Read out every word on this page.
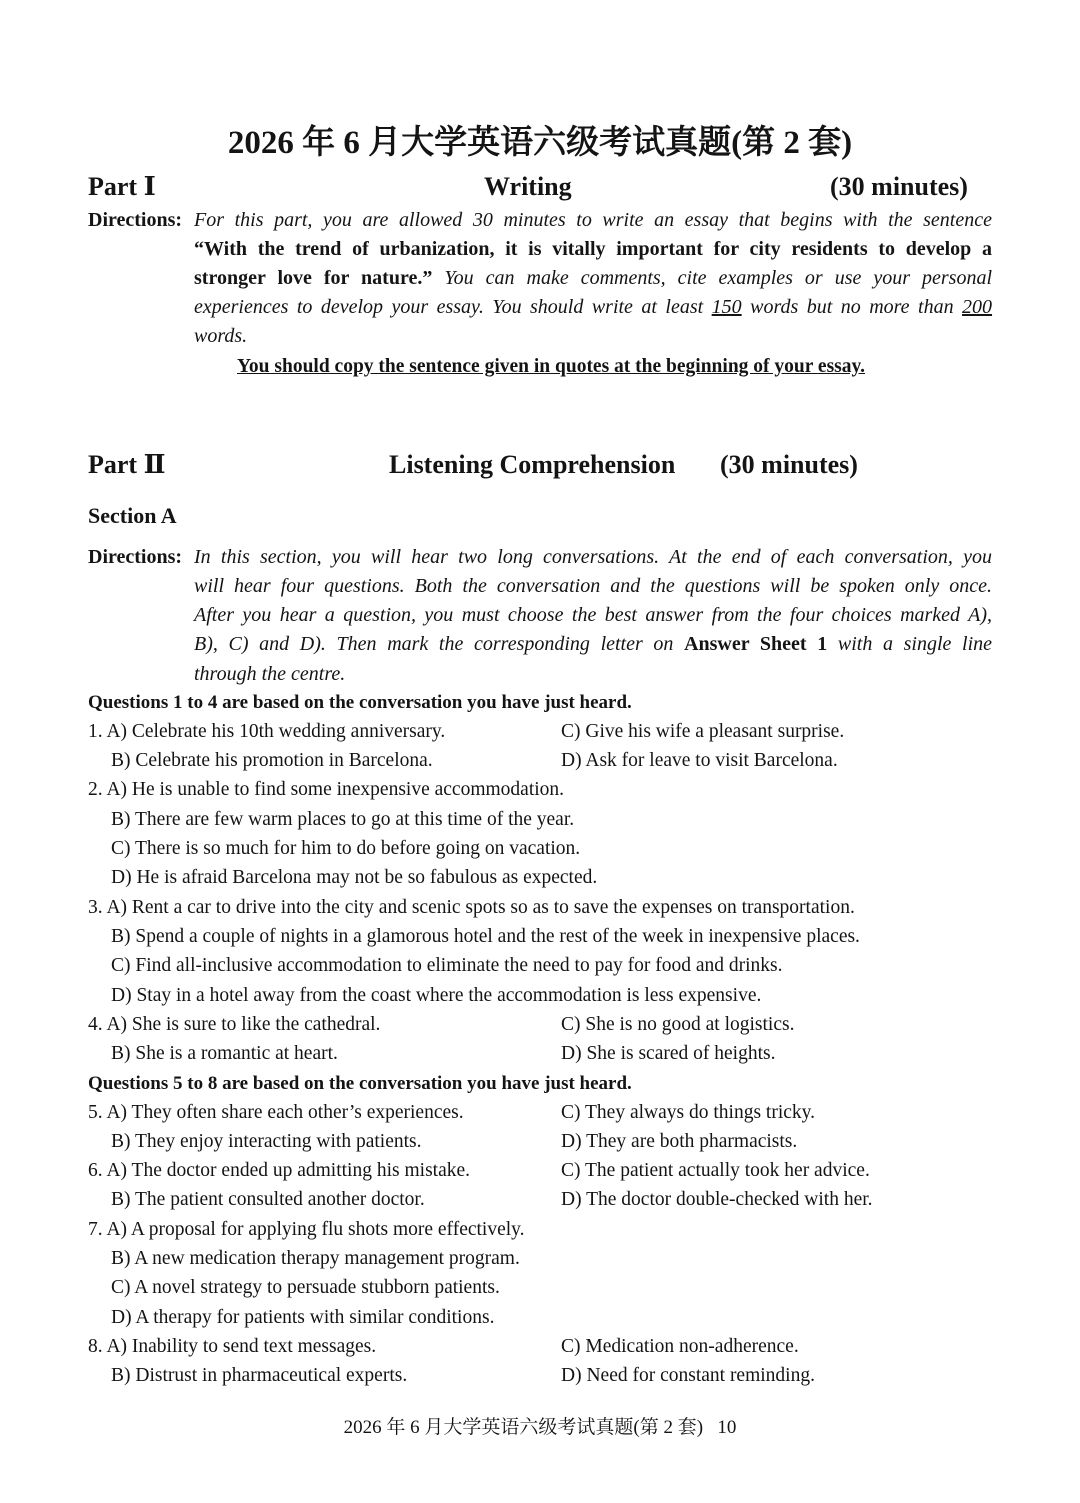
2026 年 6 月大学英语六级考试真题(第 2 套)
Part Ⅰ	Writing	(30 minutes)
Directions: For this part, you are allowed 30 minutes to write an essay that begins with the sentence
“With the trend of urbanization, it is vitally important for city residents to develop a
stronger love for nature.” You can make comments, cite examples or use your personal
experiences to develop your essay. You should write at least 150 words but no more than 200
words.
You should copy the sentence given in quotes at the beginning of your essay.
Part Ⅱ	Listening Comprehension (30 minutes)
Section A
Directions: In this section, you will hear two long conversations. At the end of each conversation, you
will hear four questions. Both the conversation and the questions will be spoken only once.
After you hear a question, you must choose the best answer from the four choices marked A),
B), C) and D). Then mark the corresponding letter on Answer Sheet 1 with a single line
through the centre.
Questions 1 to 4 are based on the conversation you have just heard.
1. A) Celebrate his 10th wedding anniversary.	C) Give his wife a pleasant surprise.
B) Celebrate his promotion in Barcelona.	D) Ask for leave to visit Barcelona.
2. A) He is unable to find some inexpensive accommodation.
B) There are few warm places to go at this time of the year.
C) There is so much for him to do before going on vacation.
D) He is afraid Barcelona may not be so fabulous as expected.
3. A) Rent a car to drive into the city and scenic spots so as to save the expenses on transportation.
B) Spend a couple of nights in a glamorous hotel and the rest of the week in inexpensive places.
C) Find all-inclusive accommodation to eliminate the need to pay for food and drinks.
D) Stay in a hotel away from the coast where the accommodation is less expensive.
4. A) She is sure to like the cathedral.	C) She is no good at logistics.
B) She is a romantic at heart.	D) She is scared of heights.
Questions 5 to 8 are based on the conversation you have just heard.
5. A) They often share each other’s experiences.	C) They always do things tricky.
B) They enjoy interacting with patients.	D) They are both pharmacists.
6. A) The doctor ended up admitting his mistake.	C) The patient actually took her advice.
B) The patient consulted another doctor.	D) The doctor double-checked with her.
7. A) A proposal for applying flu shots more effectively.
B) A new medication therapy management program.
C) A novel strategy to persuade stubborn patients.
D) A therapy for patients with similar conditions.
8. A) Inability to send text messages.	C) Medication non-adherence.
B) Distrust in pharmaceutical experts.	D) Need for constant reminding.
2026 年 6 月大学英语六级考试真题(第 2 套)   10
